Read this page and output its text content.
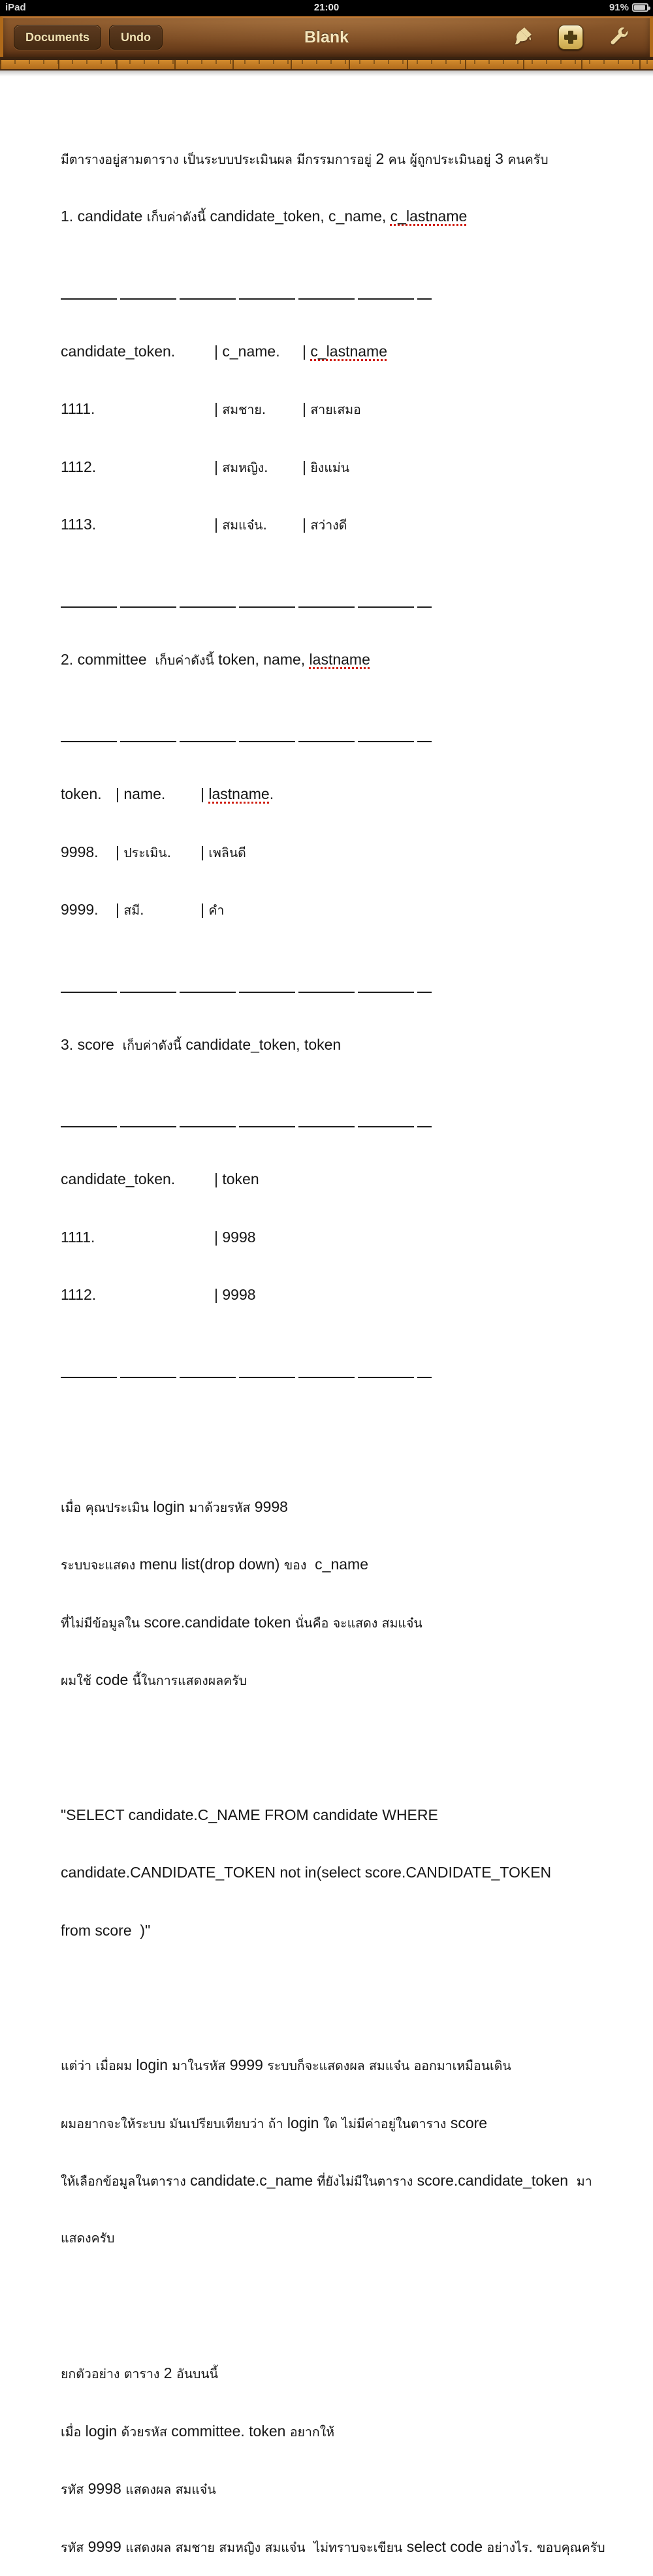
iPad	21:00	91%
Blank
Documents	Undo

มีตารางอยู่สามตาราง เป็นระบบประเมินผล มีกรรมการอยู่ 2 คน ผู้ถูกประเมินอยู่ 3 คนครับ

1. candidate เก็บค่าดังนี้ candidate_token, c_name, c_lastname

candidate_token.	| c_name.	| c_lastname

1111.	| สมชาย.	| สายเสมอ

1112.	| สมหญิง.	| ยิงแม่น

1113.	| สมแจ๋น.	| สว่างดี

2. committee  เก็บค่าดังนี้ token, name, lastname

token. | name.	| lastname.

9998.	| ประเมิน.	| เพลินดี

9999.	| สมี.	| คำ

3. score  เก็บค่าดังนี้ candidate_token, token

candidate_token.	| token

1111.	| 9998

1112.	| 9998

เมื่อ คุณประเมิน login มาด้วยรหัส 9998

ระบบจะแสดง menu list(drop down) ของ  c_name

ที่ไม่มีข้อมูลใน score.candidate token นั่นคือ จะแสดง สมแจ๋น

ผมใช้ code นี้ในการแสดงผลครับ

"SELECT candidate.C_NAME FROM candidate WHERE

candidate.CANDIDATE_TOKEN not in(select score.CANDIDATE_TOKEN

from score  )"

แต่ว่า เมื่อผม login มาในรหัส 9999 ระบบก็จะแสดงผล สมแจ๋น ออกมาเหมือนเดิน

ผมอยากจะให้ระบบ มันเปรียบเทียบว่า ถ้า login ใด ไม่มีค่าอยู่ในตาราง score

ให้เลือกข้อมูลในตาราง candidate.c_name ที่ยังไม่มีในตาราง score.candidate_token  มา

แสดงครับ

ยกตัวอย่าง ตาราง 2 อันบนนี้

เมื่อ login ด้วยรหัส committee. token อยากให้

รหัส 9998 แสดงผล สมแจ๋น

รหัส 9999 แสดงผล สมชาย สมหญิง สมแจ๋น ไม่ทราบจะเขียน select code อย่างไร. ขอบคุณครับ
